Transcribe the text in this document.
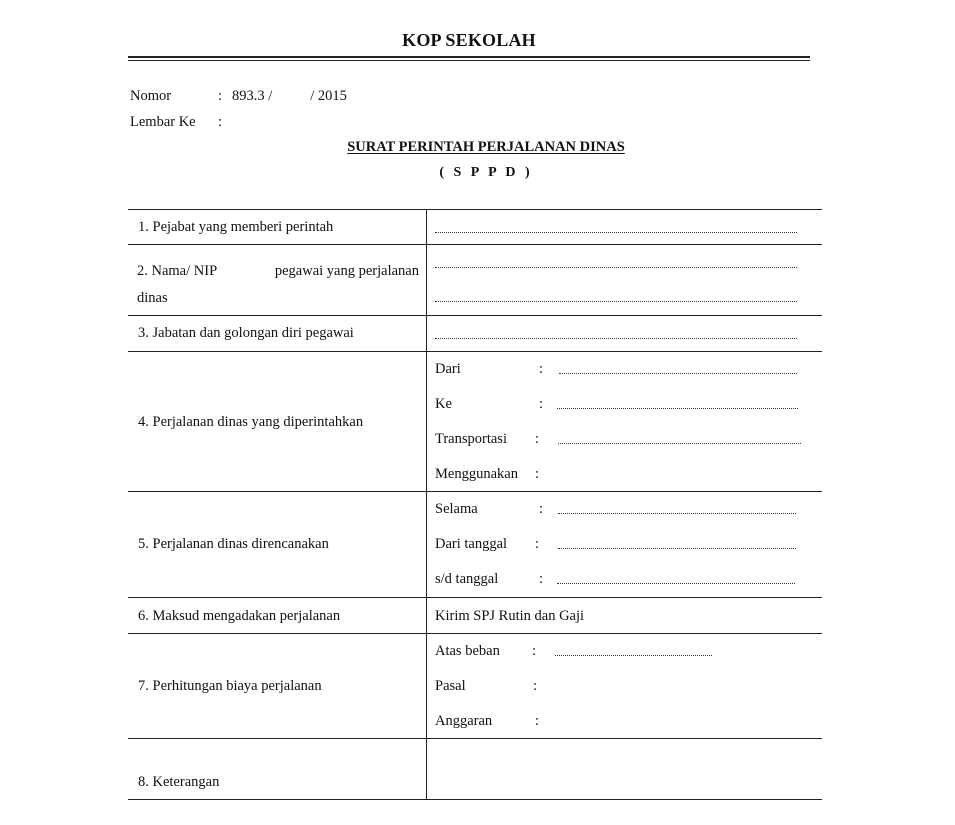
KOP SEKOLAH
Nomor	: 893.3 /	/ 2015
Lembar Ke :
SURAT PERINTAH PERJALANAN DINAS
( S P P D )
1. Pejabat yang memberi perintah
2. Nama/ NIP	pegawai yang perjalanan
dinas
3. Jabatan dan golongan diri pegawai
4. Perjalanan dinas yang diperintahkan
Dari	:
Ke	:
Transportasi :
Menggunakan :
5. Perjalanan dinas direncanakan
Selama	:
Dari tanggal :
s/d tanggal	:
6. Maksud mengadakan perjalanan	Kirim SPJ Rutin dan Gaji
7. Perhitungan biaya perjalanan
Atas beban :
Pasal	:
Anggaran	:
8. Keterangan
